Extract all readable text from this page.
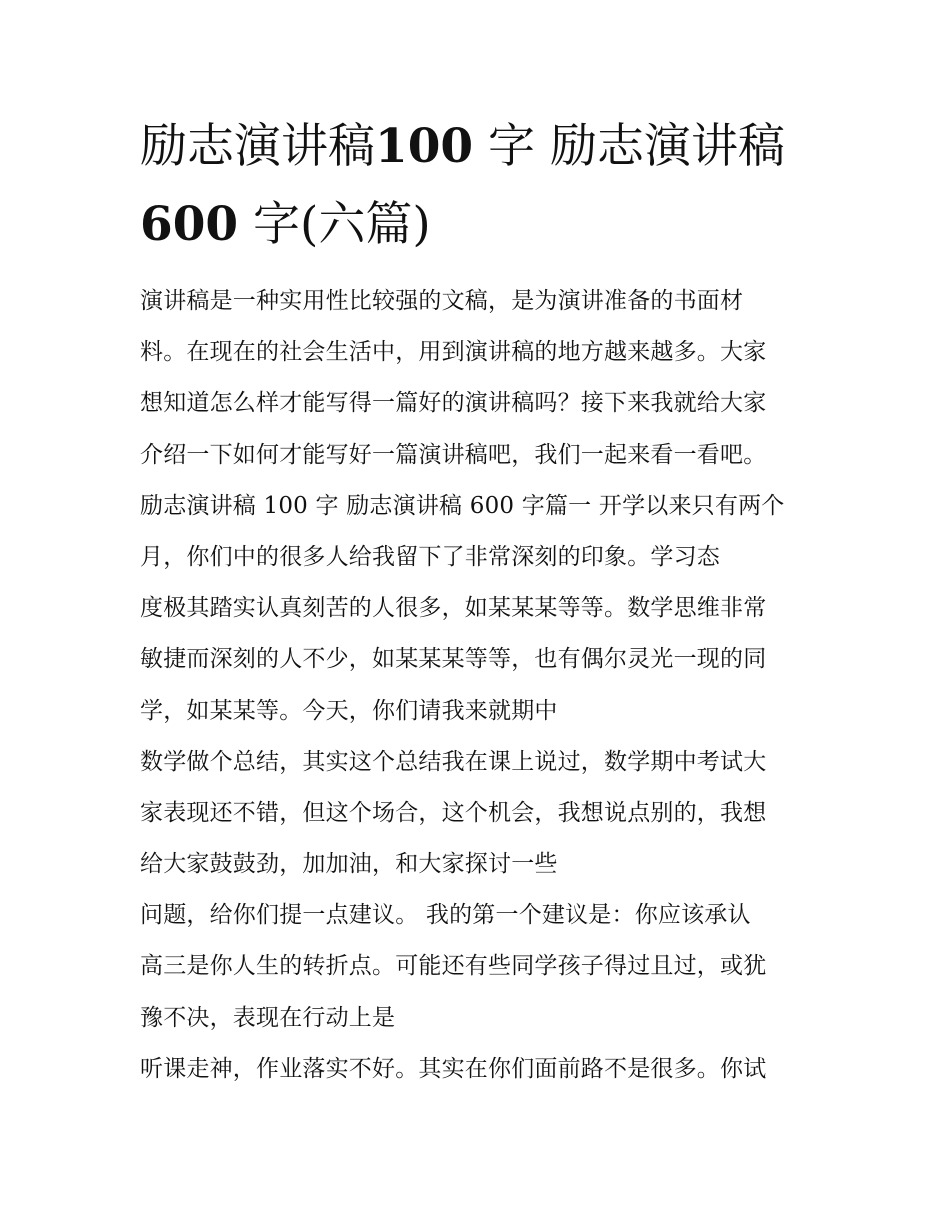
励志演讲稿100 字 励志演讲稿
600 字(六篇)
演讲稿是一种实用性比较强的文稿，是为演讲准备的书面材
料。在现在的社会生活中，用到演讲稿的地方越来越多。大家
想知道怎么样才能写得一篇好的演讲稿吗？接下来我就给大家
介绍一下如何才能写好一篇演讲稿吧，我们一起来看一看吧。
励志演讲稿 100 字 励志演讲稿 600 字篇一 开学以来只有两个
月，你们中的很多人给我留下了非常深刻的印象。学习态
度极其踏实认真刻苦的人很多，如某某某等等。数学思维非常
敏捷而深刻的人不少，如某某某等等，也有偶尔灵光一现的同
学，如某某等。今天，你们请我来就期中
数学做个总结，其实这个总结我在课上说过，数学期中考试大
家表现还不错，但这个场合，这个机会，我想说点别的，我想
给大家鼓鼓劲，加加油，和大家探讨一些
问题，给你们提一点建议。 我的第一个建议是：你应该承认
高三是你人生的转折点。可能还有些同学孩子得过且过，或犹
豫不决，表现在行动上是
听课走神，作业落实不好。其实在你们面前路不是很多。你试
